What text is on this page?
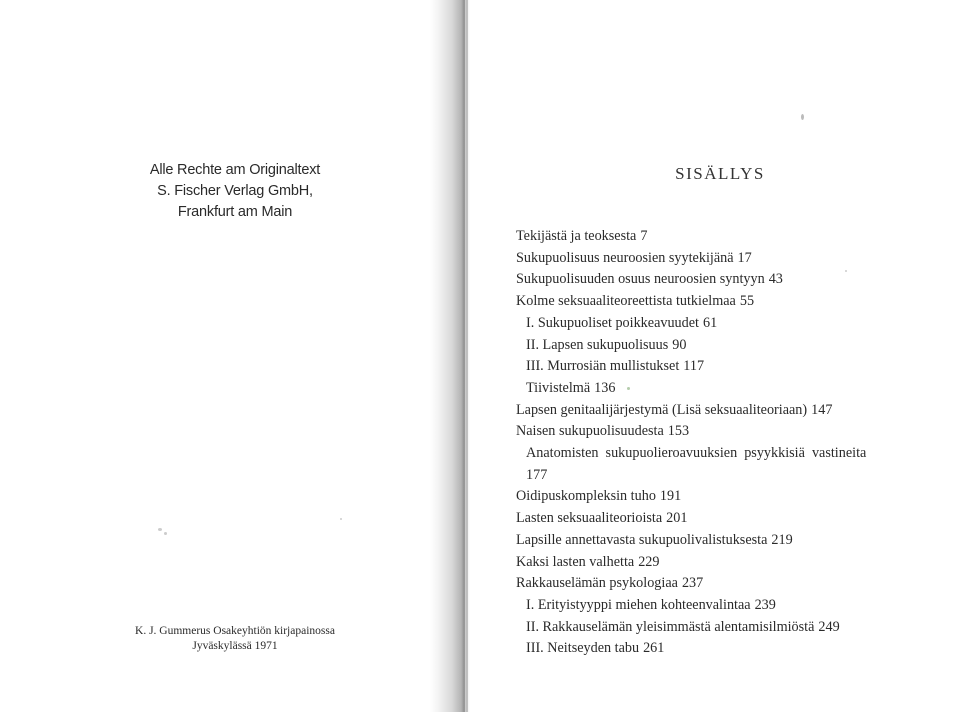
Alle Rechte am Originaltext
S. Fischer Verlag GmbH,
Frankfurt am Main
K. J. Gummerus Osakeyhtiön kirjapainossa
Jyväskylässä 1971
SISÄLLYS
Tekijästä ja teoksesta 7
Sukupuolisuus neuroosien syytekijänä 17
Sukupuolisuuden osuus neuroosien syntyyn 43
Kolme seksuaaliteoreettista tutkielmaa 55
I. Sukupuoliset poikkeavuudet 61
II. Lapsen sukupuolisuus 90
III. Murrosiän mullistukset 117
Tiivistelmä 136
Lapsen genitaalijärjestymä (Lisä seksuaaliteoriaan) 147
Naisen sukupuolisuudesta 153
Anatomisten sukupuolieroavuuksien psyykkisiä vastineita
177
Oidipuskompleksin tuho 191
Lasten seksuaaliteorioista 201
Lapsille annettavasta sukupuolivalistuksesta 219
Kaksi lasten valhetta 229
Rakkauselämän psykologiaa 237
I. Erityistyyppi miehen kohteenvalintaa 239
II. Rakkauselämän yleisimmästä alentamisilmiöstä 249
III. Neitseyden tabu 261
